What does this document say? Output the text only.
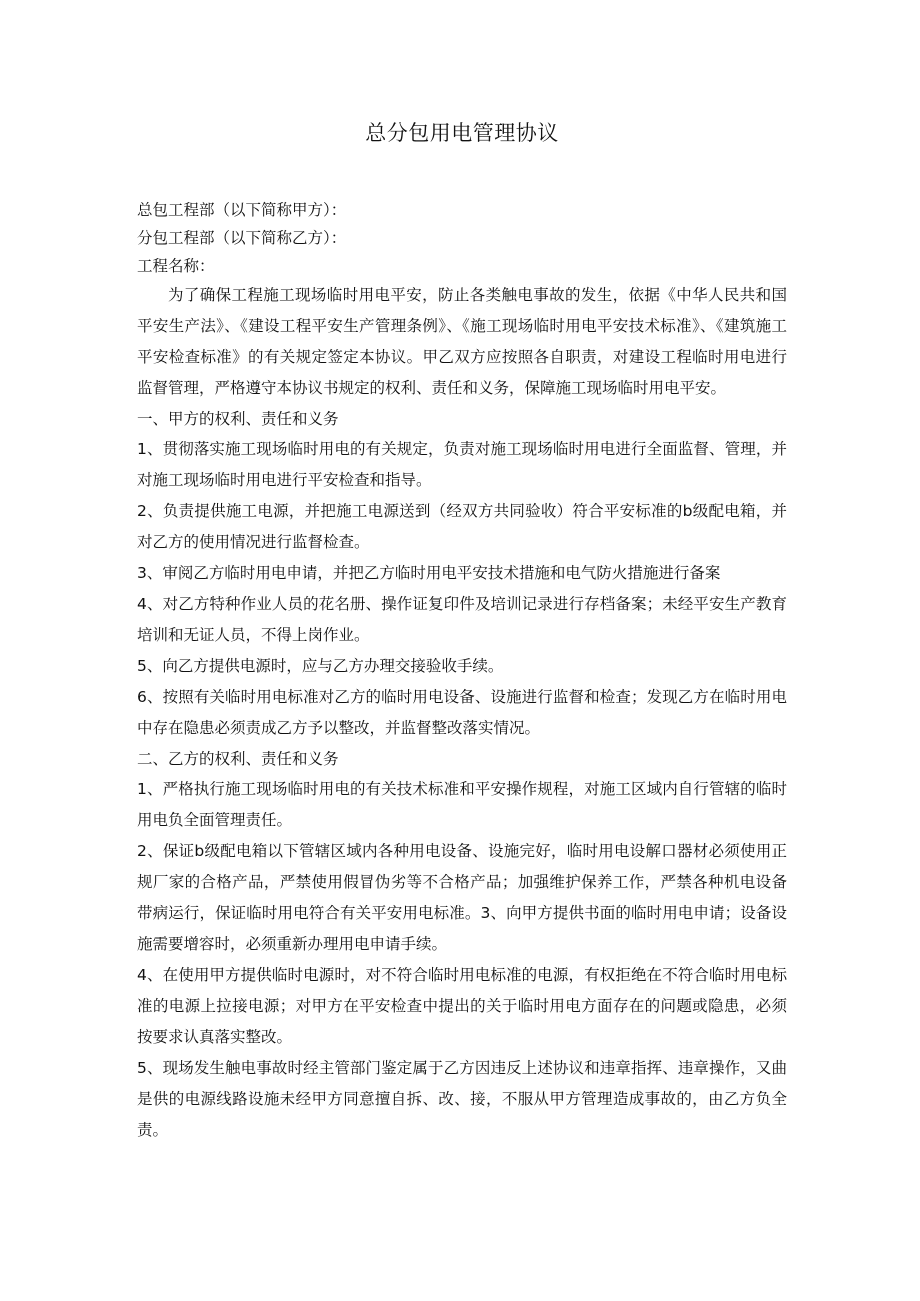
总分包用电管理协议

总包工程部（以下简称甲方）：

分包工程部（以下简称乙方）：

工程名称：

为了确保工程施工现场临时用电平安，防止各类触电事故的发生，依据《中华人民共和国平安生产法》、《建设工程平安生产管理条例》、《施工现场临时用电平安技术标准》、《建筑施工平安检查标准》的有关规定签定本协议。甲乙双方应按照各自职责，对建设工程临时用电进行监督管理，严格遵守本协议书规定的权利、责任和义务，保障施工现场临时用电平安。

一、甲方的权利、责任和义务

1、贯彻落实施工现场临时用电的有关规定，负责对施工现场临时用电进行全面监督、管理，并对施工现场临时用电进行平安检查和指导。

2、负责提供施工电源，并把施工电源送到（经双方共同验收）符合平安标准的b级配电箱，并对乙方的使用情况进行监督检查。

3、审阅乙方临时用电申请，并把乙方临时用电平安技术措施和电气防火措施进行备案

4、对乙方特种作业人员的花名册、操作证复印件及培训记录进行存档备案；未经平安生产教育培训和无证人员，不得上岗作业。

5、向乙方提供电源时，应与乙方办理交接验收手续。

6、按照有关临时用电标准对乙方的临时用电设备、设施进行监督和检查；发现乙方在临时用电中存在隐患必须责成乙方予以整改，并监督整改落实情况。

二、乙方的权利、责任和义务

1、严格执行施工现场临时用电的有关技术标准和平安操作规程，对施工区域内自行管辖的临时用电负全面管理责任。

2、保证b级配电箱以下管辖区域内各种用电设备、设施完好，临时用电设解口器材必须使用正规厂家的合格产品，严禁使用假冒伪劣等不合格产品；加强维护保养工作，严禁各种机电设备带病运行，保证临时用电符合有关平安用电标准。3、向甲方提供书面的临时用电申请；设备设施需要增容时，必须重新办理用电申请手续。

4、在使用甲方提供临时电源时，对不符合临时用电标准的电源，有权拒绝在不符合临时用电标准的电源上拉接电源；对甲方在平安检查中提出的关于临时用电方面存在的问题或隐患，必须按要求认真落实整改。

5、现场发生触电事故时经主管部门鉴定属于乙方因违反上述协议和违章指挥、违章操作，又曲是供的电源线路设施未经甲方同意擅自拆、改、接，不服从甲方管理造成事故的，由乙方负全责。
